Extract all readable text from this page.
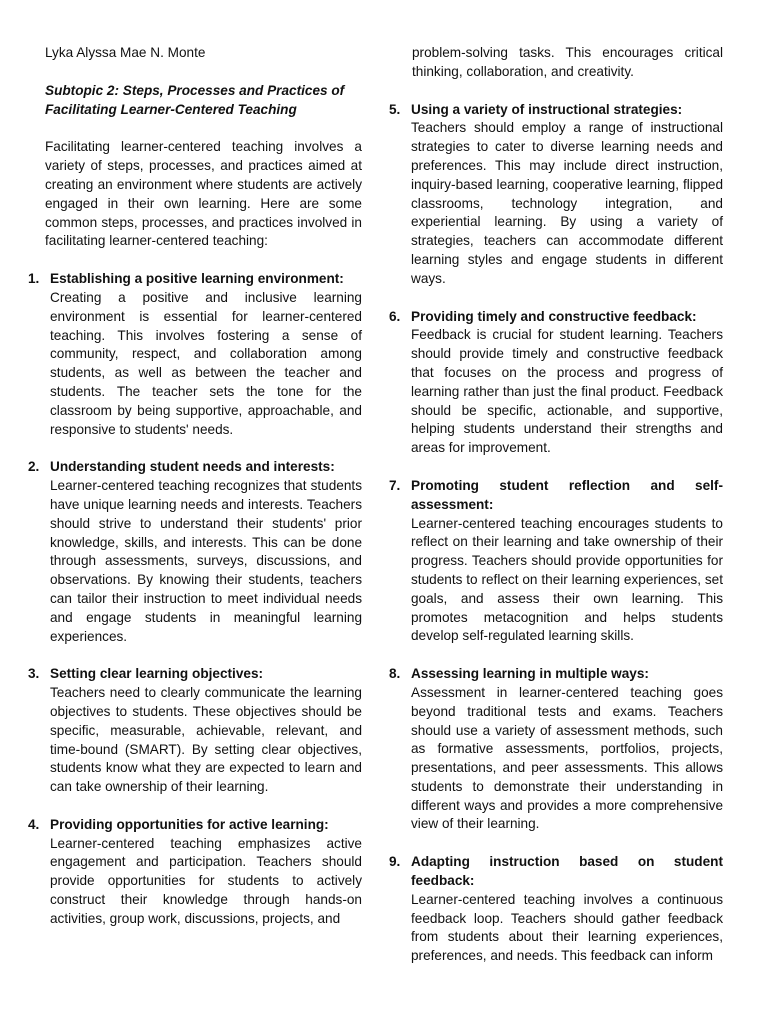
Lyka Alyssa Mae N. Monte

Subtopic 2: Steps, Processes and Practices of Facilitating Learner-Centered Teaching

Facilitating learner-centered teaching involves a variety of steps, processes, and practices aimed at creating an environment where students are actively engaged in their own learning. Here are some common steps, processes, and practices involved in facilitating learner-centered teaching:

1. Establishing a positive learning environment:
Creating a positive and inclusive learning environment is essential for learner-centered teaching. This involves fostering a sense of community, respect, and collaboration among students, as well as between the teacher and students. The teacher sets the tone for the classroom by being supportive, approachable, and responsive to students' needs.
2. Understanding student needs and interests:
Learner-centered teaching recognizes that students have unique learning needs and interests. Teachers should strive to understand their students' prior knowledge, skills, and interests. This can be done through assessments, surveys, discussions, and observations. By knowing their students, teachers can tailor their instruction to meet individual needs and engage students in meaningful learning experiences.
3. Setting clear learning objectives:
Teachers need to clearly communicate the learning objectives to students. These objectives should be specific, measurable, achievable, relevant, and time-bound (SMART). By setting clear objectives, students know what they are expected to learn and can take ownership of their learning.
4. Providing opportunities for active learning:
Learner-centered teaching emphasizes active engagement and participation. Teachers should provide opportunities for students to actively construct their knowledge through hands-on activities, group work, discussions, projects, and

problem-solving tasks. This encourages critical thinking, collaboration, and creativity.

5. Using a variety of instructional strategies:
Teachers should employ a range of instructional strategies to cater to diverse learning needs and preferences. This may include direct instruction, inquiry-based learning, cooperative learning, flipped classrooms, technology integration, and experiential learning. By using a variety of strategies, teachers can accommodate different learning styles and engage students in different ways.
6. Providing timely and constructive feedback:
Feedback is crucial for student learning. Teachers should provide timely and constructive feedback that focuses on the process and progress of learning rather than just the final product. Feedback should be specific, actionable, and supportive, helping students understand their strengths and areas for improvement.
7. Promoting student reflection and self-assessment:
Learner-centered teaching encourages students to reflect on their learning and take ownership of their progress. Teachers should provide opportunities for students to reflect on their learning experiences, set goals, and assess their own learning. This promotes metacognition and helps students develop self-regulated learning skills.
8. Assessing learning in multiple ways:
Assessment in learner-centered teaching goes beyond traditional tests and exams. Teachers should use a variety of assessment methods, such as formative assessments, portfolios, projects, presentations, and peer assessments. This allows students to demonstrate their understanding in different ways and provides a more comprehensive view of their learning.
9. Adapting instruction based on student feedback:
Learner-centered teaching involves a continuous feedback loop. Teachers should gather feedback from students about their learning experiences, preferences, and needs. This feedback can inform
